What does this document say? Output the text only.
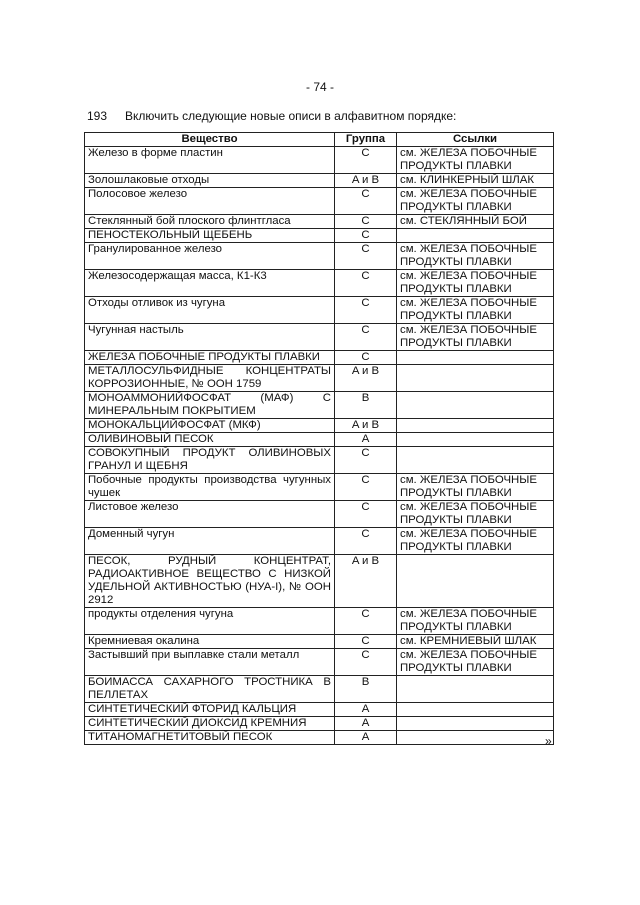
- 74 -
193 Включить следующие новые описи в алфавитном порядке:
Вещество	Группа	Ссылки
Железо в форме пластин	C	см. ЖЕЛЕЗА ПОБОЧНЫЕ ПРОДУКТЫ ПЛАВКИ
Золошлаковые отходы	A и B	см. КЛИНКЕРНЫЙ ШЛАК
Полосовое железо	C	см. ЖЕЛЕЗА ПОБОЧНЫЕ ПРОДУКТЫ ПЛАВКИ
Стеклянный бой плоского флинтгласа	C	см. СТЕКЛЯННЫЙ БОЙ
ПЕНОСТЕКОЛЬНЫЙ ЩЕБЕНЬ	C	
Гранулированное железо	C	см. ЖЕЛЕЗА ПОБОЧНЫЕ ПРОДУКТЫ ПЛАВКИ
Железосодержащая масса, К1-К3	C	см. ЖЕЛЕЗА ПОБОЧНЫЕ ПРОДУКТЫ ПЛАВКИ
Отходы отливок из чугуна	C	см. ЖЕЛЕЗА ПОБОЧНЫЕ ПРОДУКТЫ ПЛАВКИ
Чугунная настыль	C	см. ЖЕЛЕЗА ПОБОЧНЫЕ ПРОДУКТЫ ПЛАВКИ
ЖЕЛЕЗА ПОБОЧНЫЕ ПРОДУКТЫ ПЛАВКИ	C	
МЕТАЛЛОСУЛЬФИДНЫЕ КОНЦЕНТРАТЫ КОРРОЗИОННЫЕ, № ООН 1759	A и B	
МОНОАММОНИЙФОСФАТ (МАФ) С МИНЕРАЛЬНЫМ ПОКРЫТИЕМ	B	
МОНОКАЛЬЦИЙФОСФАТ (МКФ)	A и B	
ОЛИВИНОВЫЙ ПЕСОК	A	
СОВОКУПНЫЙ ПРОДУКТ ОЛИВИНОВЫХ ГРАНУЛ И ЩЕБНЯ	C	
Побочные продукты производства чугунных чушек	C	см. ЖЕЛЕЗА ПОБОЧНЫЕ ПРОДУКТЫ ПЛАВКИ
Листовое железо	C	см. ЖЕЛЕЗА ПОБОЧНЫЕ ПРОДУКТЫ ПЛАВКИ
Доменный чугун	C	см. ЖЕЛЕЗА ПОБОЧНЫЕ ПРОДУКТЫ ПЛАВКИ
ПЕСОК, РУДНЫЙ КОНЦЕНТРАТ, РАДИОАКТИВНОЕ ВЕЩЕСТВО С НИЗКОЙ УДЕЛЬНОЙ АКТИВНОСТЬЮ (НУА-I), № ООН 2912	A и B	
продукты отделения чугуна	C	см. ЖЕЛЕЗА ПОБОЧНЫЕ ПРОДУКТЫ ПЛАВКИ
Кремниевая окалина	C	см. КРЕМНИЕВЫЙ ШЛАК
Застывший при выплавке стали металл	C	см. ЖЕЛЕЗА ПОБОЧНЫЕ ПРОДУКТЫ ПЛАВКИ
БОИМАССА САХАРНОГО ТРОСТНИКА В ПЕЛЛЕТАХ	B	
СИНТЕТИЧЕСКИЙ ФТОРИД КАЛЬЦИЯ	A	
СИНТЕТИЧЕСКИЙ ДИОКСИД КРЕМНИЯ	A	
ТИТАНОМАГНЕТИТОВЫЙ ПЕСОК	A		»
